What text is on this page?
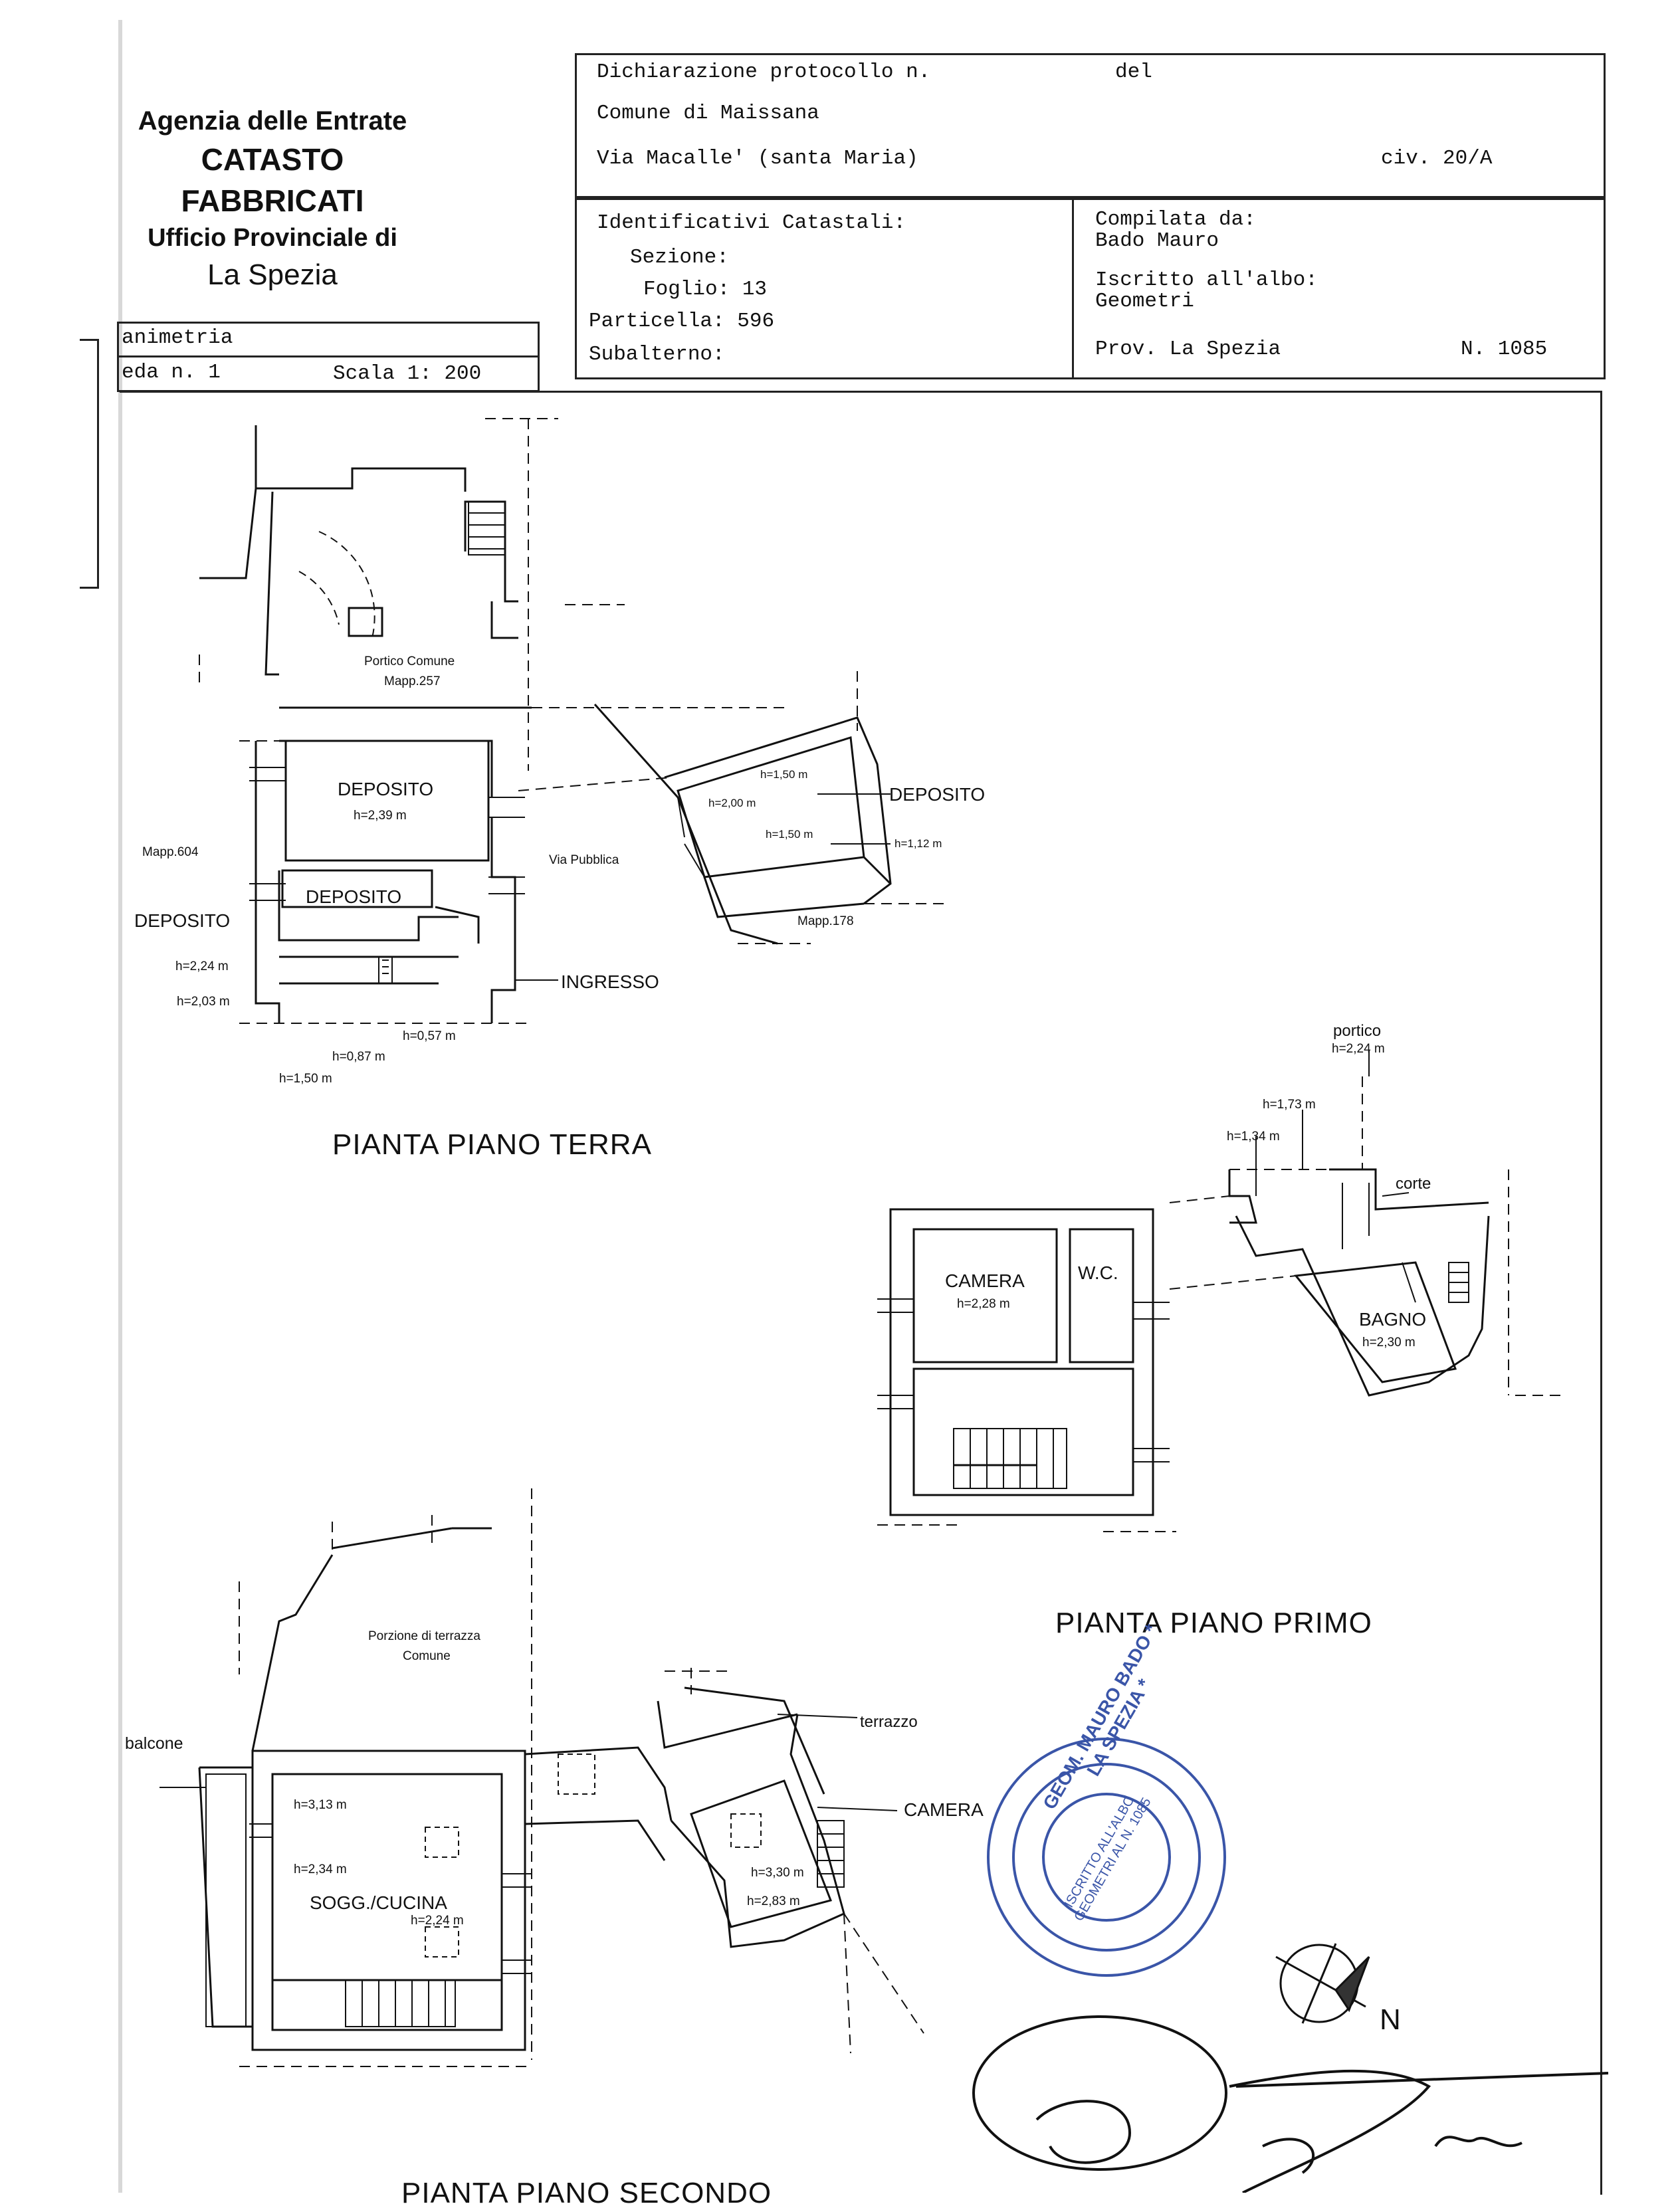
Agenzia delle Entrate
CATASTO FABBRICATI
Ufficio Provinciale di
La Spezia
animetria
eda n. 1	Scala 1: 200
Dichiarazione protocollo n.	del
Comune di Maissana
Via Macalle' (santa Maria)	civ. 20/A
Identificativi Catastali:
Sezione:
Foglio: 13
Particella: 596
Subalterno:
Compilata da:
Bado Mauro
Iscritto all'albo:
Geometri
Prov. La Spezia	N. 1085
Portico Comune
Mapp.257
DEPOSITO
h=2,39 m
DEPOSITO
DEPOSITO
Mapp.604
Via Pubblica
INGRESSO
h=2,24 m
h=2,03 m
h=0,57 m
h=0,87 m
h=1,50 m
DEPOSITO
h=1,50 m
h=2,00 m
h=1,50 m
h=1,12 m
Mapp.178
PIANTA PIANO TERRA
CAMERA
h=2,28 m
W.C.
portico
h=2,24 m
h=1,73 m
h=1,34 m
corte
BAGNO
h=2,30 m
PIANTA PIANO PRIMO
Porzione di terrazza
Comune
balcone
terrazzo
CAMERA
h=3,13 m
h=2,34 m
SOGG./CUCINA
h=2,24 m
h=3,30 m
h=2,83 m
PIANTA PIANO SECONDO
GEOM. MAURO BADO * LA SPEZIA *
ISCRITTO ALL'ALBO GEOMETRI AL N. 1085
N
